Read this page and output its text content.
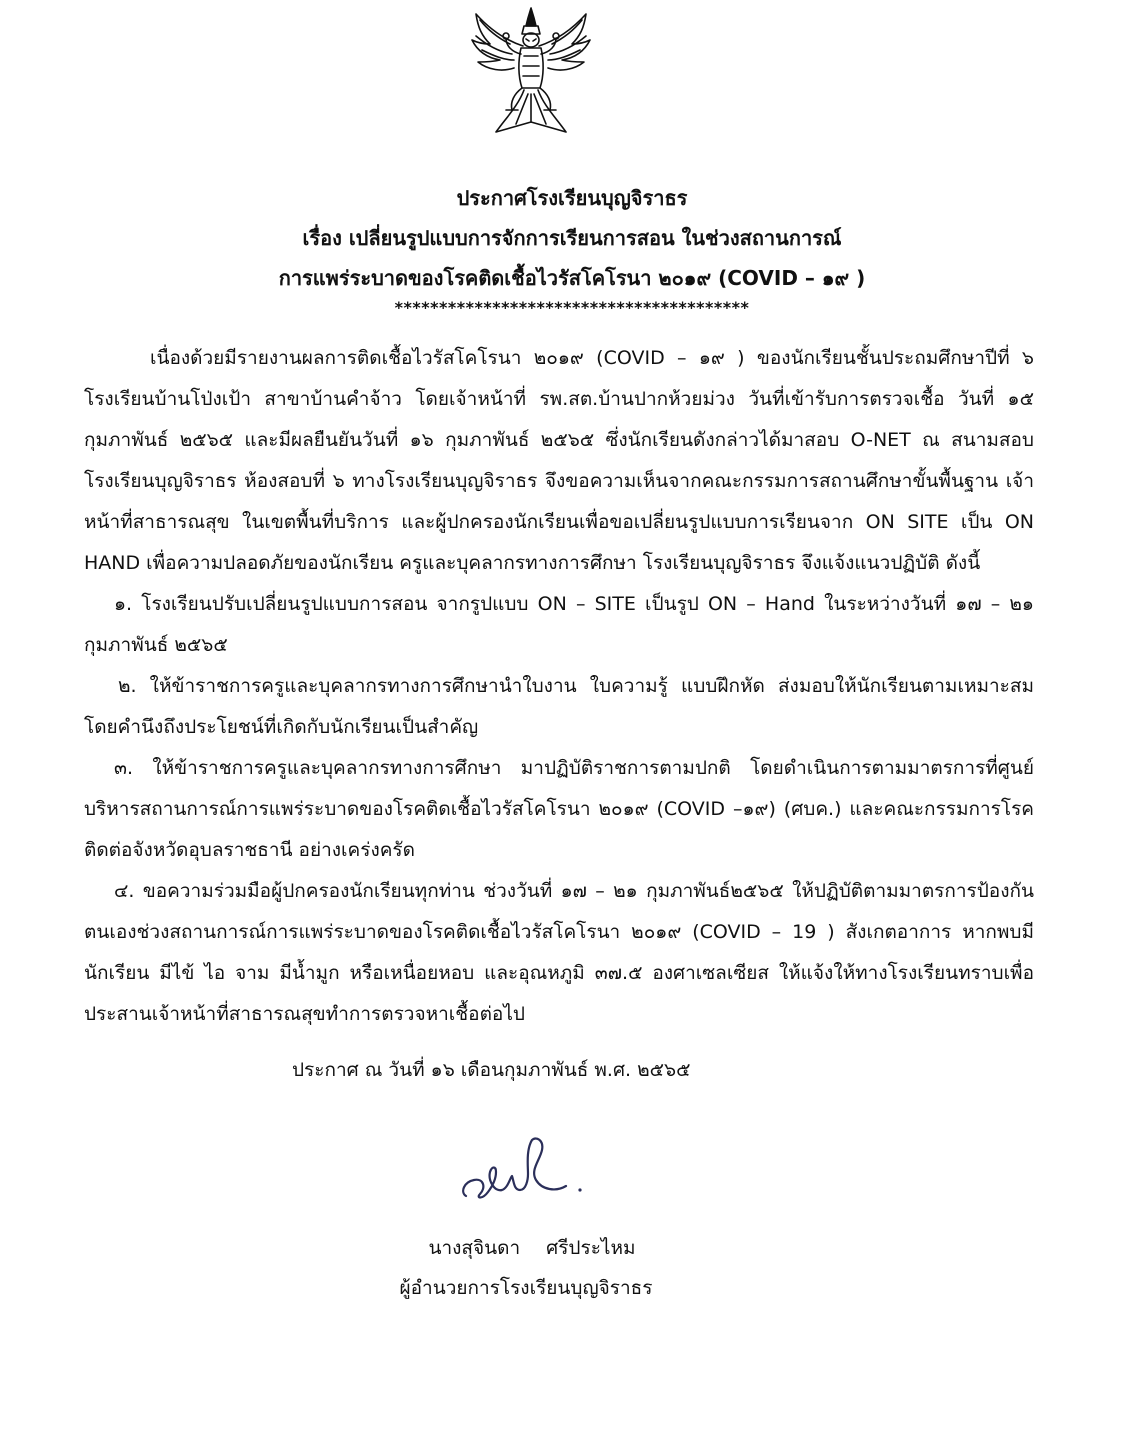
ประกาศโรงเรียนบุญจิราธร

เรื่อง เปลี่ยนรูปแบบการจักการเรียนการสอน ในช่วงสถานการณ์

การแพร่ระบาดของโรคติดเชื้อไวรัสโคโรนา ๒๐๑๙ (COVID – ๑๙ )

****************************************

เนื่องด้วยมีรายงานผลการติดเชื้อไวรัสโคโรนา ๒๐๑๙ (COVID – ๑๙ ) ของนักเรียนชั้นประถมศึกษาปีที่ ๖ โรงเรียนบ้านโป่งเป้า สาขาบ้านคำจ้าว โดยเจ้าหน้าที่ รพ.สต.บ้านปากห้วยม่วง วันที่เข้ารับการตรวจเชื้อ วันที่ ๑๕ กุมภาพันธ์ ๒๕๖๕ และมีผลยืนยันวันที่ ๑๖ กุมภาพันธ์ ๒๕๖๕ ซึ่งนักเรียนดังกล่าวได้มาสอบ O-NET ณ สนามสอบ โรงเรียนบุญจิราธร ห้องสอบที่ ๖ ทางโรงเรียนบุญจิราธร จึงขอความเห็นจากคณะกรรมการสถานศึกษาขั้นพื้นฐาน เจ้าหน้าที่สาธารณสุข ในเขตพื้นที่บริการ และผู้ปกครองนักเรียนเพื่อขอเปลี่ยนรูปแบบการเรียนจาก ON SITE เป็น ON HAND เพื่อความปลอดภัยของนักเรียน ครูและบุคลากรทางการศึกษา โรงเรียนบุญจิราธร จึงแจ้งแนวปฏิบัติ ดังนี้

๑. โรงเรียนปรับเปลี่ยนรูปแบบการสอน จากรูปแบบ ON – SITE เป็นรูป ON – Hand ในระหว่างวันที่ ๑๗ – ๒๑ กุมภาพันธ์ ๒๕๖๕

๒. ให้ข้าราชการครูและบุคลากรทางการศึกษานำใบงาน ใบความรู้ แบบฝึกหัด ส่งมอบให้นักเรียนตามเหมาะสม โดยคำนึงถึงประโยชน์ที่เกิดกับนักเรียนเป็นสำคัญ

๓. ให้ข้าราชการครูและบุคลากรทางการศึกษา มาปฏิบัติราชการตามปกติ โดยดำเนินการตามมาตรการที่ศูนย์บริหารสถานการณ์การแพร่ระบาดของโรคติดเชื้อไวรัสโคโรนา ๒๐๑๙ (COVID –๑๙) (ศบค.) และคณะกรรมการโรคติดต่อจังหวัดอุบลราชธานี อย่างเคร่งครัด

๔. ขอความร่วมมือผู้ปกครองนักเรียนทุกท่าน ช่วงวันที่ ๑๗ – ๒๑ กุมภาพันธ์๒๕๖๕ ให้ปฏิบัติตามมาตรการป้องกันตนเองช่วงสถานการณ์การแพร่ระบาดของโรคติดเชื้อไวรัสโคโรนา ๒๐๑๙ (COVID – 19 ) สังเกตอาการ หากพบมีนักเรียน มีไข้ ไอ จาม มีน้ำมูก หรือเหนื่อยหอบ และอุณหภูมิ ๓๗.๕ องศาเซลเซียส ให้แจ้งให้ทางโรงเรียนทราบเพื่อประสานเจ้าหน้าที่สาธารณสุขทำการตรวจหาเชื้อต่อไป

ประกาศ ณ วันที่ ๑๖ เดือนกุมภาพันธ์ พ.ศ. ๒๕๖๕
นางสุจินดา ศรีประไหม
ผู้อำนวยการโรงเรียนบุญจิราธร
